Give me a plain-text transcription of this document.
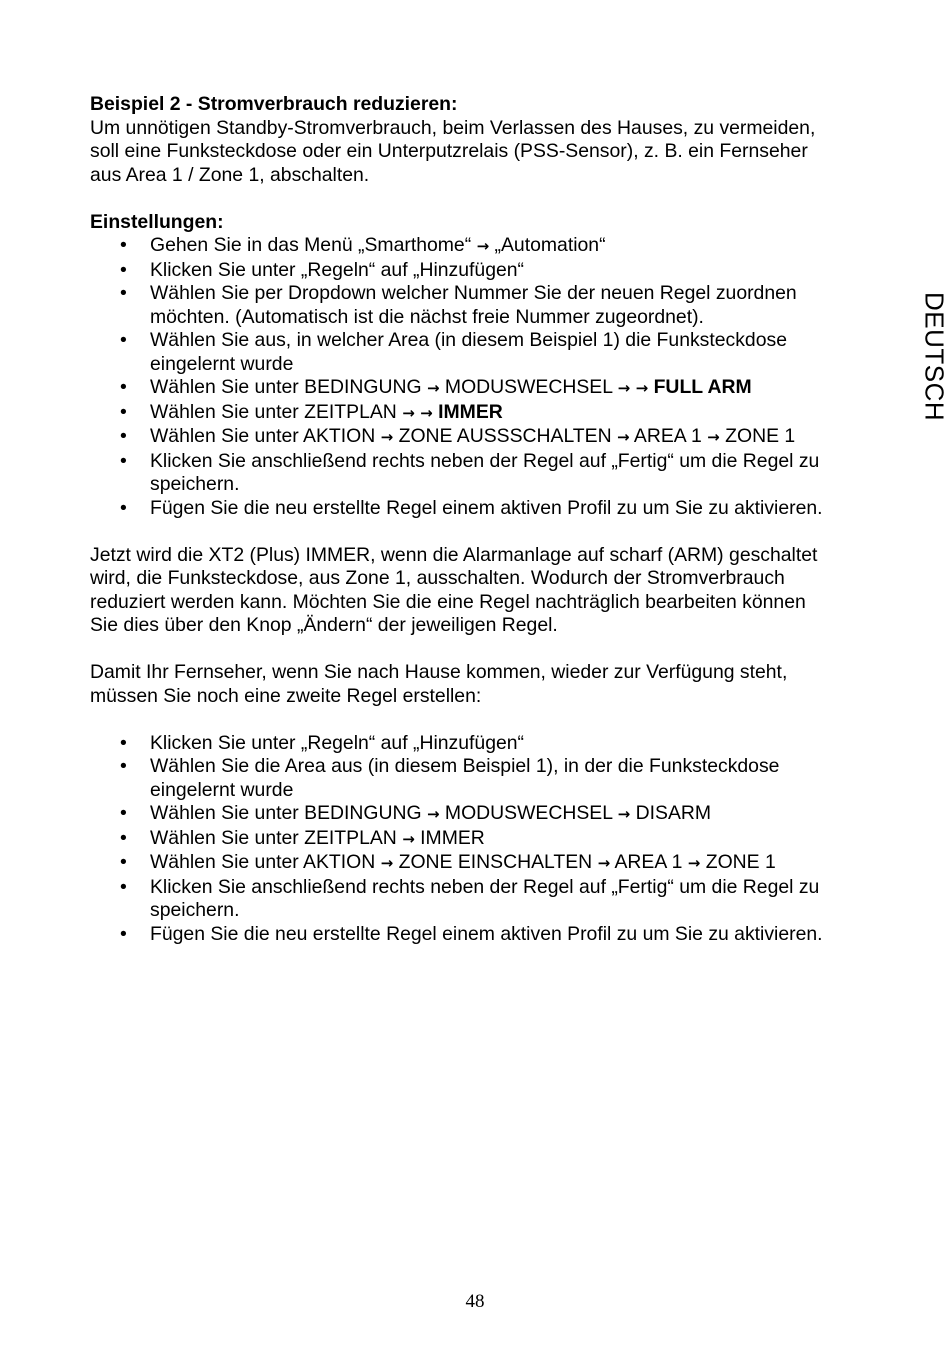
Beispiel 2 - Stromverbrauch reduzieren:
Um unnötigen Standby-Stromverbrauch, beim Verlassen des Hauses, zu vermeiden,
soll eine Funksteckdose oder ein Unterputzrelais (PSS-Sensor), z. B. ein Fernseher
aus Area 1 / Zone 1, abschalten.
Einstellungen:
• Gehen Sie in das Menü „Smarthome“ → „Automation“
• Klicken Sie unter „Regeln“ auf „Hinzufügen“
• Wählen Sie per Dropdown welcher Nummer Sie der neuen Regel zuordnen
möchten. (Automatisch ist die nächst freie Nummer zugeordnet).
• Wählen Sie aus, in welcher Area (in diesem Beispiel 1) die Funksteckdose
eingelernt wurde
• Wählen Sie unter BEDINGUNG → MODUSWECHSEL → → FULL ARM
• Wählen Sie unter ZEITPLAN → → IMMER
• Wählen Sie unter AKTION → ZONE AUSSSCHALTEN → AREA 1 → ZONE 1
• Klicken Sie anschließend rechts neben der Regel auf „Fertig“ um die Regel zu
speichern.
• Fügen Sie die neu erstellte Regel einem aktiven Profil zu um Sie zu aktivieren.
Jetzt wird die XT2 (Plus) IMMER, wenn die Alarmanlage auf scharf (ARM) geschaltet
wird, die Funksteckdose, aus Zone 1, ausschalten. Wodurch der Stromverbrauch
reduziert werden kann. Möchten Sie die eine Regel nachträglich bearbeiten können
Sie dies über den Knop „Ändern“ der jeweiligen Regel.
Damit Ihr Fernseher, wenn Sie nach Hause kommen, wieder zur Verfügung steht,
müssen Sie noch eine zweite Regel erstellen:
• Klicken Sie unter „Regeln“ auf „Hinzufügen“
• Wählen Sie die Area aus (in diesem Beispiel 1), in der die Funksteckdose
eingelernt wurde
• Wählen Sie unter BEDINGUNG → MODUSWECHSEL → DISARM
• Wählen Sie unter ZEITPLAN → IMMER
• Wählen Sie unter AKTION → ZONE EINSCHALTEN → AREA 1 → ZONE 1
• Klicken Sie anschließend rechts neben der Regel auf „Fertig“ um die Regel zu
speichern.
• Fügen Sie die neu erstellte Regel einem aktiven Profil zu um Sie zu aktivieren.
DEUTSCH
48
